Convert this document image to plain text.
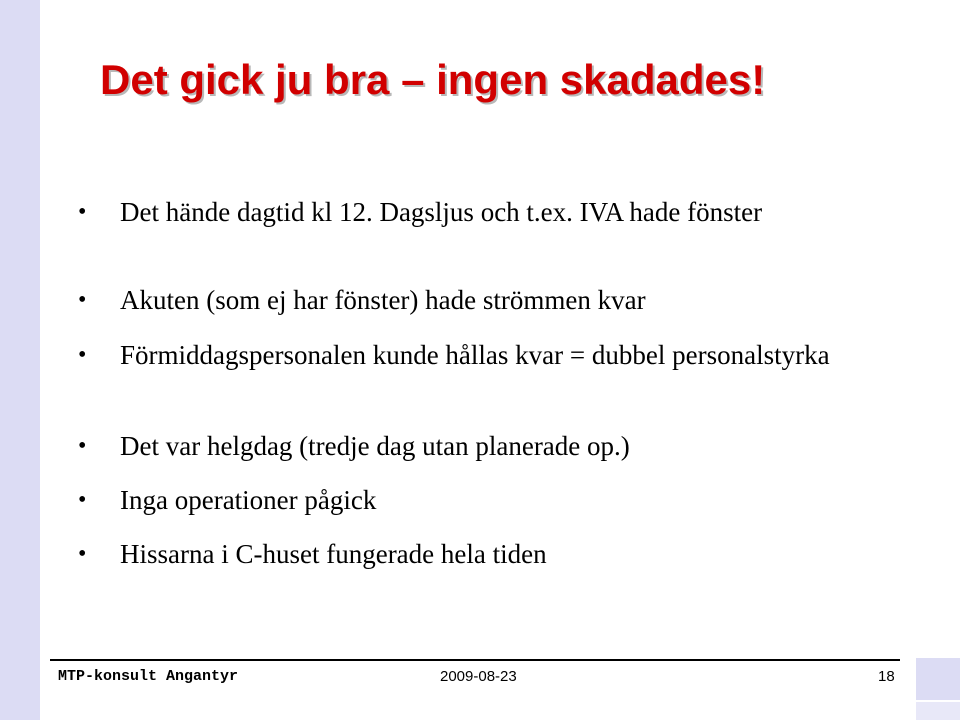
Det gick ju bra – ingen skadades!
•	Det hände dagtid kl 12. Dagsljus och t.ex. IVA hade fönster
•	Akuten (som ej har fönster) hade strömmen kvar
•	Förmiddagspersonalen kunde hållas kvar = dubbel personalstyrka
•	Det var helgdag (tredje dag utan planerade op.)
•	Inga operationer pågick
•	Hissarna i C-huset fungerade hela tiden
MTP-konsult Angantyr	2009-08-23	18
